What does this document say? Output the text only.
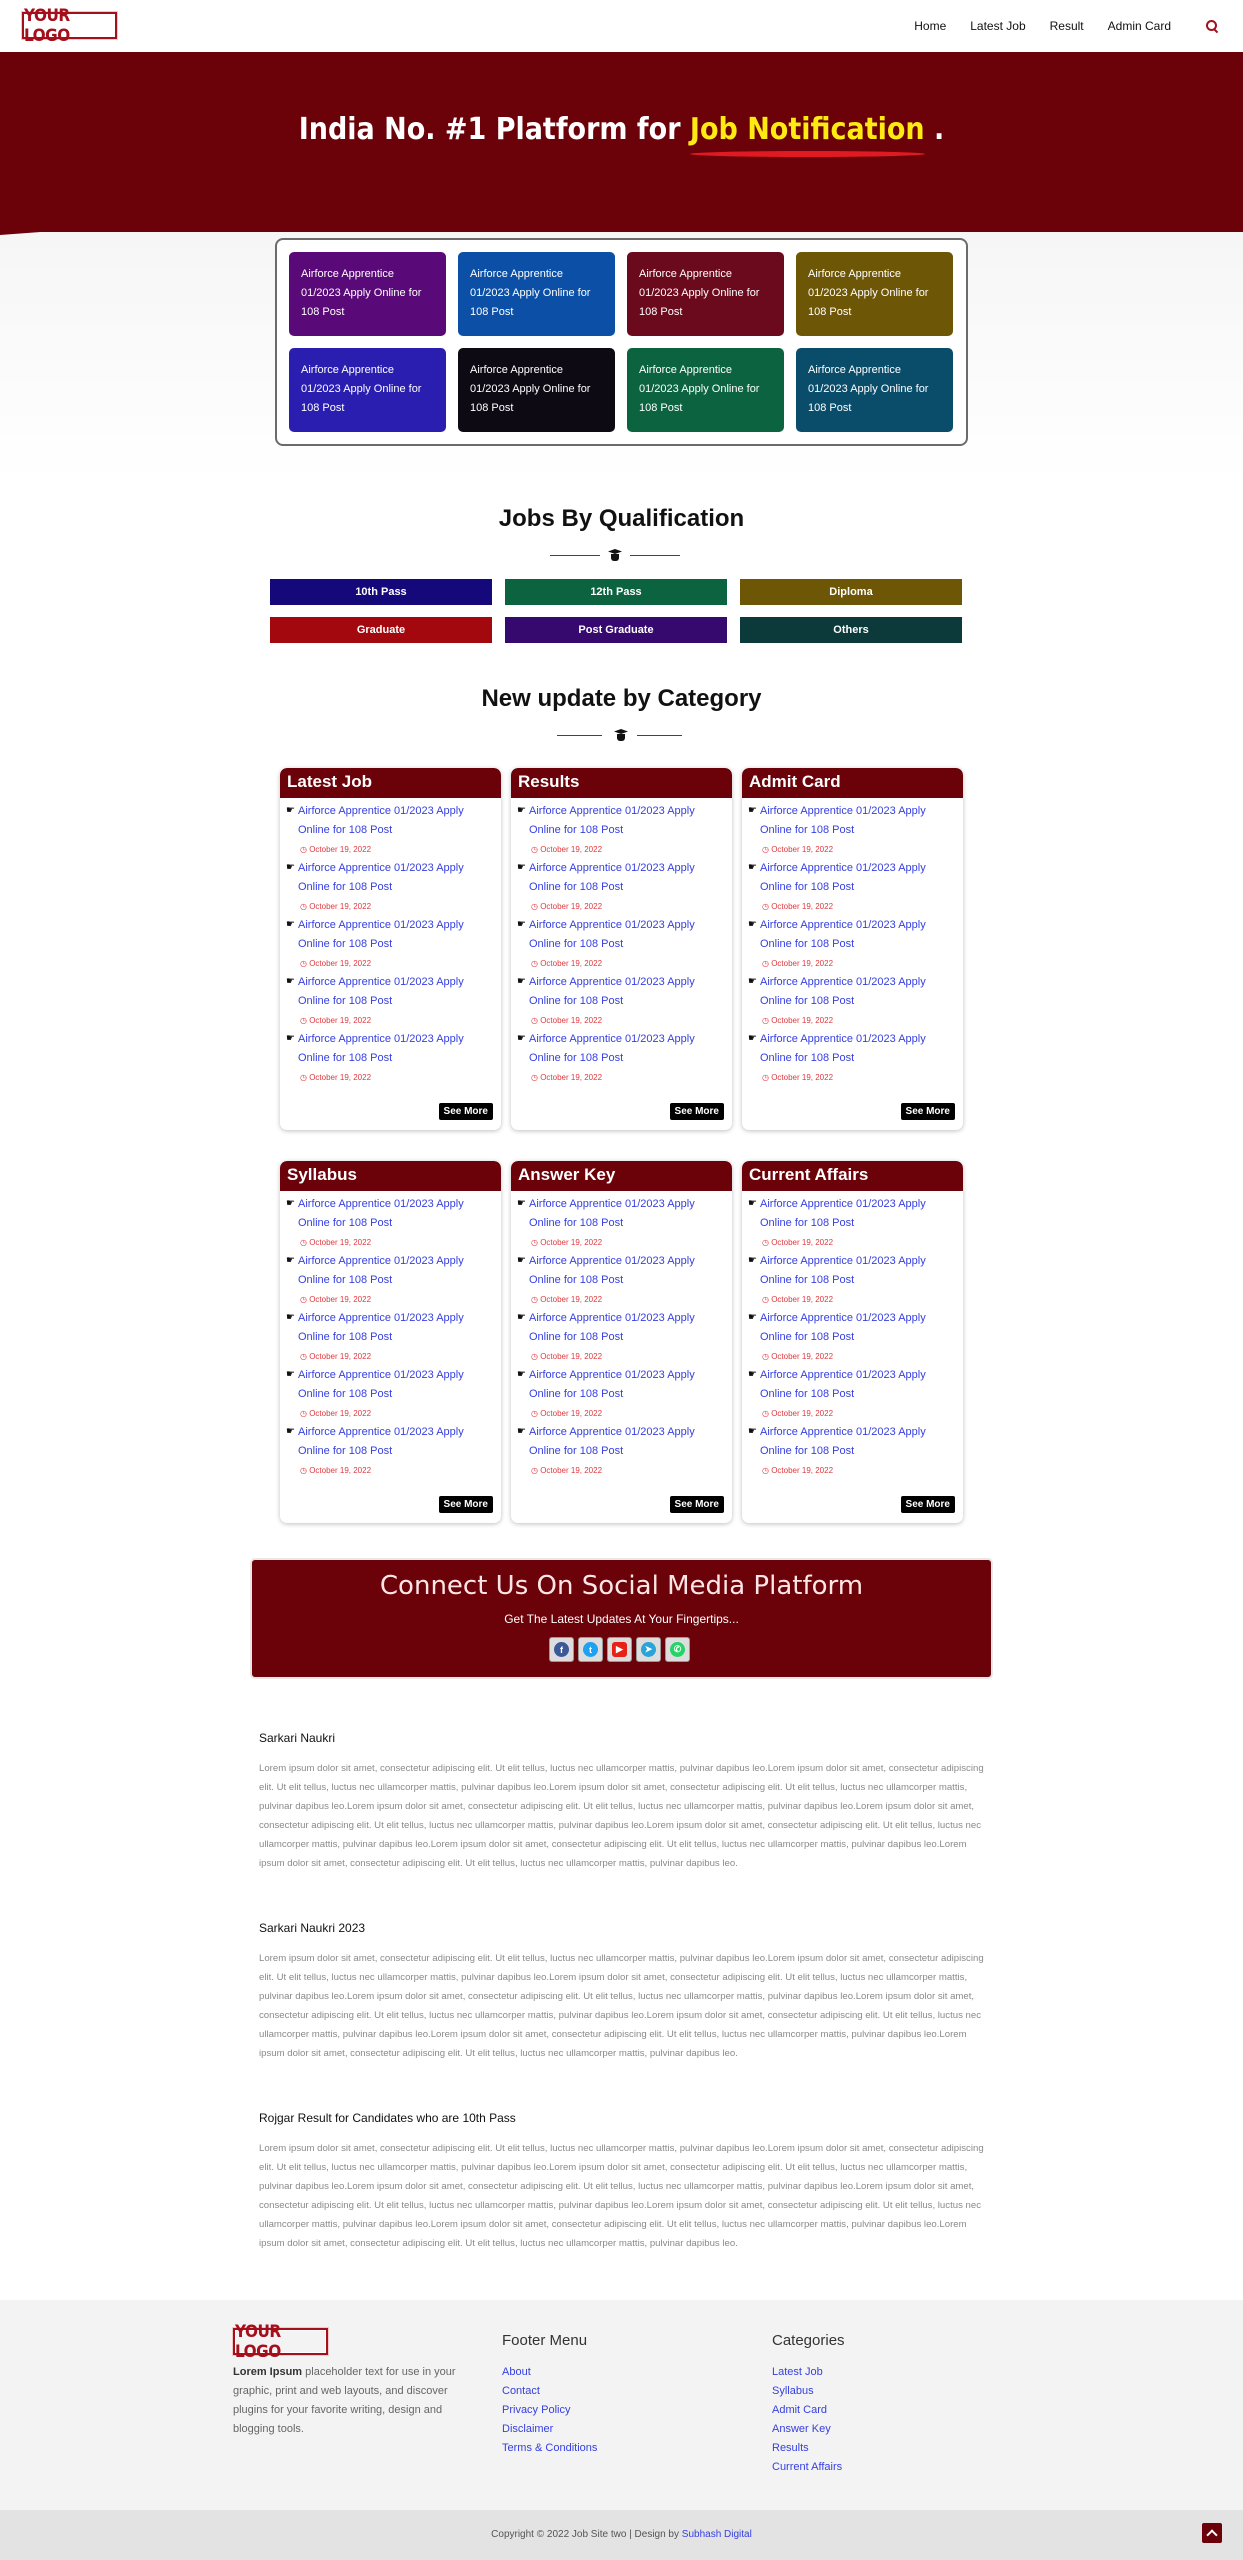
YOUR LOGO	Home Latest Job Result Admin Card
India No. #1 Platform for Job Notification .
Airforce Apprentice 01/2023 Apply Online for 108 Post
Airforce Apprentice 01/2023 Apply Online for 108 Post
Airforce Apprentice 01/2023 Apply Online for 108 Post
Airforce Apprentice 01/2023 Apply Online for 108 Post
Airforce Apprentice 01/2023 Apply Online for 108 Post
Airforce Apprentice 01/2023 Apply Online for 108 Post
Airforce Apprentice 01/2023 Apply Online for 108 Post
Airforce Apprentice 01/2023 Apply Online for 108 Post
Jobs By Qualification
10th Pass	12th Pass	Diploma
Graduate	Post Graduate	Others
New update by Category
Latest Job
☛ Airforce Apprentice 01/2023 Apply Online for 108 Post
◷ October 19, 2022
☛ Airforce Apprentice 01/2023 Apply Online for 108 Post
◷ October 19, 2022
☛ Airforce Apprentice 01/2023 Apply Online for 108 Post
◷ October 19, 2022
☛ Airforce Apprentice 01/2023 Apply Online for 108 Post
◷ October 19, 2022
☛ Airforce Apprentice 01/2023 Apply Online for 108 Post
◷ October 19, 2022
See More
Results
☛ Airforce Apprentice 01/2023 Apply Online for 108 Post
◷ October 19, 2022
☛ Airforce Apprentice 01/2023 Apply Online for 108 Post
◷ October 19, 2022
☛ Airforce Apprentice 01/2023 Apply Online for 108 Post
◷ October 19, 2022
☛ Airforce Apprentice 01/2023 Apply Online for 108 Post
◷ October 19, 2022
☛ Airforce Apprentice 01/2023 Apply Online for 108 Post
◷ October 19, 2022
See More
Admit Card
☛ Airforce Apprentice 01/2023 Apply Online for 108 Post
◷ October 19, 2022
☛ Airforce Apprentice 01/2023 Apply Online for 108 Post
◷ October 19, 2022
☛ Airforce Apprentice 01/2023 Apply Online for 108 Post
◷ October 19, 2022
☛ Airforce Apprentice 01/2023 Apply Online for 108 Post
◷ October 19, 2022
☛ Airforce Apprentice 01/2023 Apply Online for 108 Post
◷ October 19, 2022
See More
Syllabus
☛ Airforce Apprentice 01/2023 Apply Online for 108 Post
◷ October 19, 2022
☛ Airforce Apprentice 01/2023 Apply Online for 108 Post
◷ October 19, 2022
☛ Airforce Apprentice 01/2023 Apply Online for 108 Post
◷ October 19, 2022
☛ Airforce Apprentice 01/2023 Apply Online for 108 Post
◷ October 19, 2022
☛ Airforce Apprentice 01/2023 Apply Online for 108 Post
◷ October 19, 2022
See More
Answer Key
☛ Airforce Apprentice 01/2023 Apply Online for 108 Post
◷ October 19, 2022
☛ Airforce Apprentice 01/2023 Apply Online for 108 Post
◷ October 19, 2022
☛ Airforce Apprentice 01/2023 Apply Online for 108 Post
◷ October 19, 2022
☛ Airforce Apprentice 01/2023 Apply Online for 108 Post
◷ October 19, 2022
☛ Airforce Apprentice 01/2023 Apply Online for 108 Post
◷ October 19, 2022
See More
Current Affairs
☛ Airforce Apprentice 01/2023 Apply Online for 108 Post
◷ October 19, 2022
☛ Airforce Apprentice 01/2023 Apply Online for 108 Post
◷ October 19, 2022
☛ Airforce Apprentice 01/2023 Apply Online for 108 Post
◷ October 19, 2022
☛ Airforce Apprentice 01/2023 Apply Online for 108 Post
◷ October 19, 2022
☛ Airforce Apprentice 01/2023 Apply Online for 108 Post
◷ October 19, 2022
See More
Connect Us On Social Media Platform

Get The Latest Updates At Your Fingertips...

f	t	▶	➤	✆
Sarkari Naukri

Lorem ipsum dolor sit amet, consectetur adipiscing elit. Ut elit tellus, luctus nec ullamcorper mattis, pulvinar dapibus leo.Lorem ipsum dolor sit amet, consectetur adipiscing elit. Ut elit tellus, luctus nec ullamcorper mattis, pulvinar dapibus leo.Lorem ipsum dolor sit amet, consectetur adipiscing elit. Ut elit tellus, luctus nec ullamcorper mattis, pulvinar dapibus leo.Lorem ipsum dolor sit amet, consectetur adipiscing elit. Ut elit tellus, luctus nec ullamcorper mattis, pulvinar dapibus leo.Lorem ipsum dolor sit amet, consectetur adipiscing elit. Ut elit tellus, luctus nec ullamcorper mattis, pulvinar dapibus leo.Lorem ipsum dolor sit amet, consectetur adipiscing elit. Ut elit tellus, luctus nec ullamcorper mattis, pulvinar dapibus leo.Lorem ipsum dolor sit amet, consectetur adipiscing elit. Ut elit tellus, luctus nec ullamcorper mattis, pulvinar dapibus leo.Lorem ipsum dolor sit amet, consectetur adipiscing elit. Ut elit tellus, luctus nec ullamcorper mattis, pulvinar dapibus leo.

Sarkari Naukri 2023

Lorem ipsum dolor sit amet, consectetur adipiscing elit. Ut elit tellus, luctus nec ullamcorper mattis, pulvinar dapibus leo.Lorem ipsum dolor sit amet, consectetur adipiscing elit. Ut elit tellus, luctus nec ullamcorper mattis, pulvinar dapibus leo.Lorem ipsum dolor sit amet, consectetur adipiscing elit. Ut elit tellus, luctus nec ullamcorper mattis, pulvinar dapibus leo.Lorem ipsum dolor sit amet, consectetur adipiscing elit. Ut elit tellus, luctus nec ullamcorper mattis, pulvinar dapibus leo.Lorem ipsum dolor sit amet, consectetur adipiscing elit. Ut elit tellus, luctus nec ullamcorper mattis, pulvinar dapibus leo.Lorem ipsum dolor sit amet, consectetur adipiscing elit. Ut elit tellus, luctus nec ullamcorper mattis, pulvinar dapibus leo.Lorem ipsum dolor sit amet, consectetur adipiscing elit. Ut elit tellus, luctus nec ullamcorper mattis, pulvinar dapibus leo.Lorem ipsum dolor sit amet, consectetur adipiscing elit. Ut elit tellus, luctus nec ullamcorper mattis, pulvinar dapibus leo.

Rojgar Result for Candidates who are 10th Pass

Lorem ipsum dolor sit amet, consectetur adipiscing elit. Ut elit tellus, luctus nec ullamcorper mattis, pulvinar dapibus leo.Lorem ipsum dolor sit amet, consectetur adipiscing elit. Ut elit tellus, luctus nec ullamcorper mattis, pulvinar dapibus leo.Lorem ipsum dolor sit amet, consectetur adipiscing elit. Ut elit tellus, luctus nec ullamcorper mattis, pulvinar dapibus leo.Lorem ipsum dolor sit amet, consectetur adipiscing elit. Ut elit tellus, luctus nec ullamcorper mattis, pulvinar dapibus leo.Lorem ipsum dolor sit amet, consectetur adipiscing elit. Ut elit tellus, luctus nec ullamcorper mattis, pulvinar dapibus leo.Lorem ipsum dolor sit amet, consectetur adipiscing elit. Ut elit tellus, luctus nec ullamcorper mattis, pulvinar dapibus leo.Lorem ipsum dolor sit amet, consectetur adipiscing elit. Ut elit tellus, luctus nec ullamcorper mattis, pulvinar dapibus leo.Lorem ipsum dolor sit amet, consectetur adipiscing elit. Ut elit tellus, luctus nec ullamcorper mattis, pulvinar dapibus leo.

YOUR LOGO
Lorem Ipsum placeholder text for use in your graphic, print and web layouts, and discover plugins for your favorite writing, design and blogging tools.
Footer Menu
About
Contact
Privacy Policy
Disclaimer
Terms & Conditions
Categories
Latest Job
Syllabus
Admit Card
Answer Key
Results
Current Affairs
Copyright © 2022 Job Site two | Design by Subhash Digital
